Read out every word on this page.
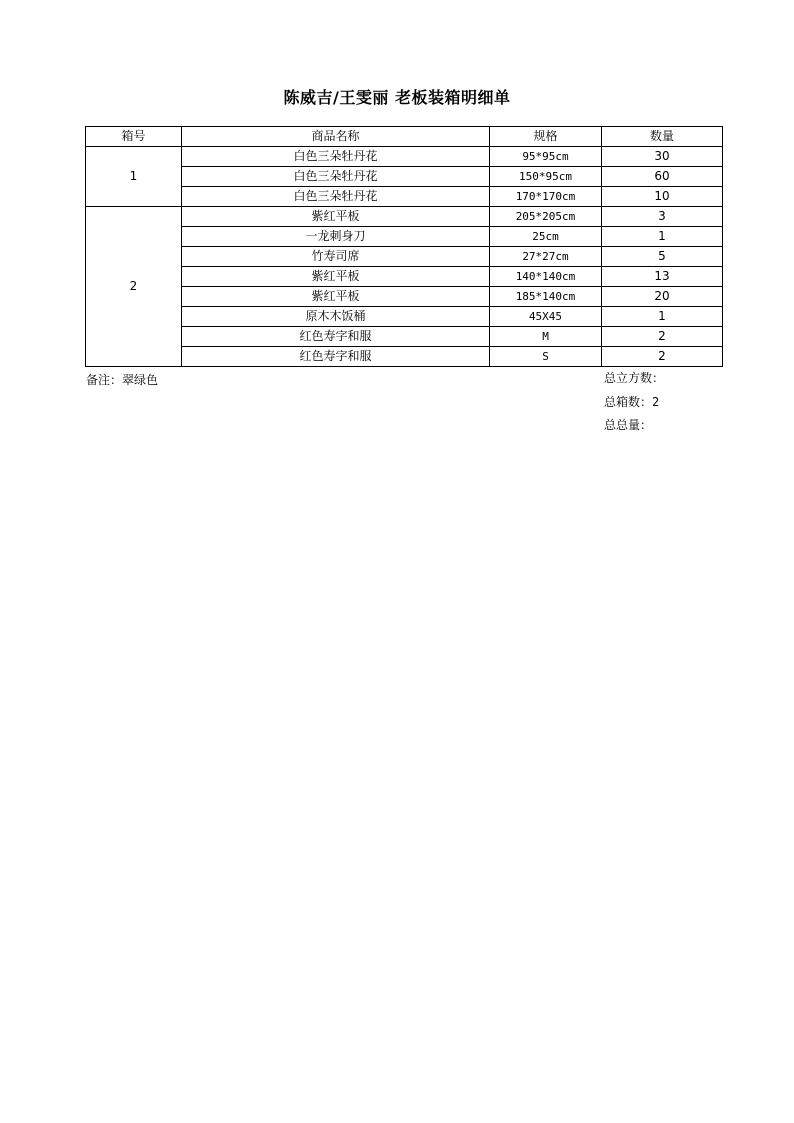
陈威吉/王雯丽 老板装箱明细单
箱号	商品名称	规格	数量
1	白色三朵牡丹花	95*95cm	30
	白色三朵牡丹花	150*95cm	60
	白色三朵牡丹花	170*170cm	10
2	紫红平板	205*205cm	3
	一龙刺身刀	25cm	1
	竹寿司席	27*27cm	5
	紫红平板	140*140cm	13
	紫红平板	185*140cm	20
	原木木饭桶	45X45	1
	红色寿字和服	M	2
	红色寿字和服	S	2
备注：翠绿色	总立方数：
总箱数：2
总总量：
